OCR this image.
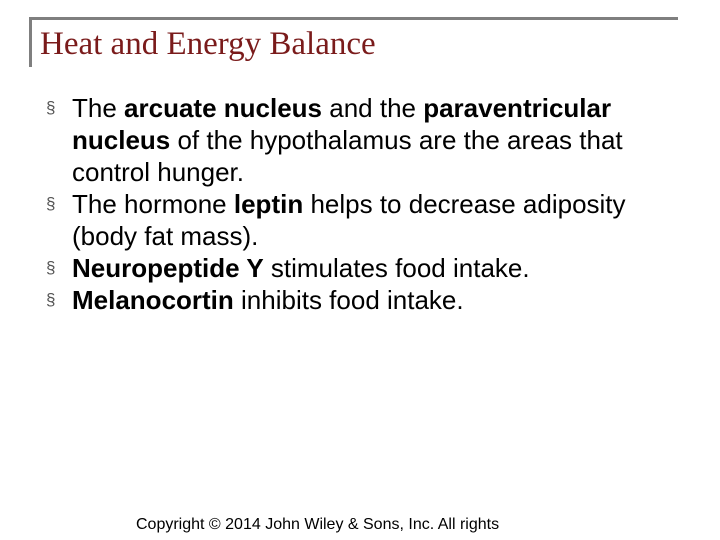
Heat and Energy Balance
§ The arcuate nucleus and the paraventricular nucleus of the hypothalamus are the areas that control hunger.
§ The hormone leptin helps to decrease adiposity (body fat mass).
§ Neuropeptide Y stimulates food intake.
§ Melanocortin inhibits food intake.
Copyright © 2014 John Wiley & Sons, Inc. All rights
